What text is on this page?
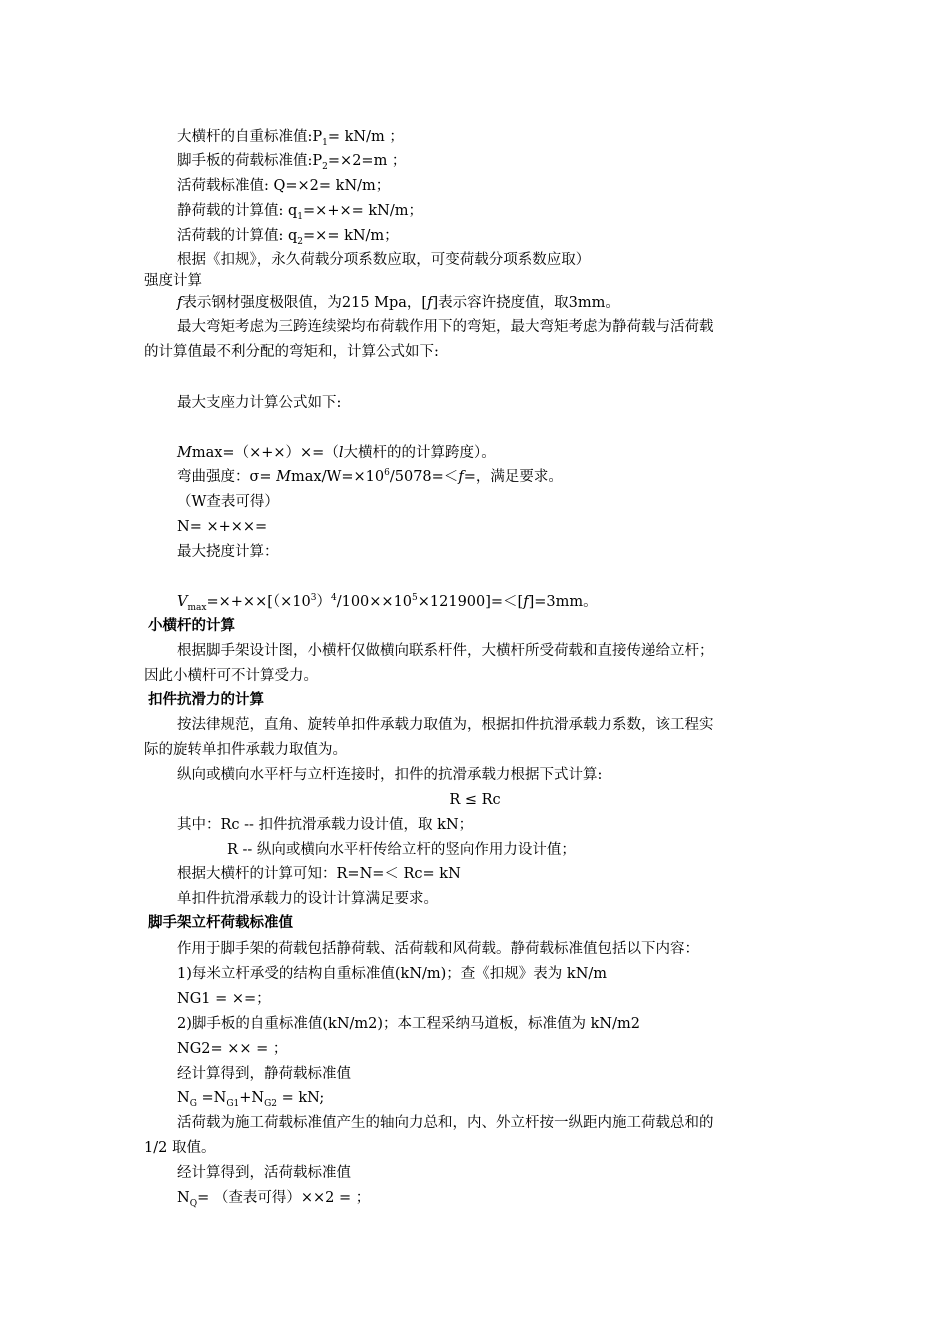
大横杆的自重标准值$:P_1= kN/m$ ；
脚手板的荷载标准值$:P_2=\times 2=m$ ；
活荷载标准值: Q=×2= kN/m；
静荷载的计算值: $q_1=\times+\times= kN/m$；
活荷载的计算值: $q_2=\times= kN/m$；
根据《扣规》，永久荷载分项系数应取，可变荷载分项系数应取）
强度计算
f表示钢材强度极限值，为215 Mpa，[f]表示容许挠度值，取3mm。
最大弯矩考虑为三跨连续梁均布荷载作用下的弯矩，最大弯矩考虑为静荷载与活荷载
的计算值最不利分配的弯矩和，计算公式如下:
最大支座力计算公式如下:
Mmax=（×+×）×=（l大横杆的的计算跨度）。
弯曲强度：σ= Mmax/$W=\times 10^6/5078=<f=$，满足要求。
（W查表可得）
N= ×+××=
最大挠度计算：
$V_{max}=\times+\times\times[(\times 10^3)^4/100\times\times 10^5\times 121900]=<[f]=3mm$。
小横杆的计算
根据脚手架设计图，小横杆仅做横向联系杆件，大横杆所受荷载和直接传递给立杆；
因此小横杆可不计算受力。
扣件抗滑力的计算
按法律规范，直角、旋转单扣件承载力取值为，根据扣件抗滑承载力系数，该工程实
际的旋转单扣件承载力取值为。
纵向或横向水平杆与立杆连接时，扣件的抗滑承载力根据下式计算:
R ≤ Rc
其中：Rc -- 扣件抗滑承载力设计值，取 kN；
R -- 纵向或横向水平杆传给立杆的竖向作用力设计值；
根据大横杆的计算可知：R=N=＜ Rc= kN
单扣件抗滑承载力的设计计算满足要求。
脚手架立杆荷载标准值
作用于脚手架的荷载包括静荷载、活荷载和风荷载。静荷载标准值包括以下内容：
1)每米立杆承受的结构自重标准值(kN/m)；查《扣规》表为 kN/m
NG1 = ×=；
2)脚手板的自重标准值(kN/m2)；本工程采纳马道板，标准值为 kN/m2
NG2= ×× = ；
经计算得到，静荷载标准值
$N_G =N_{G1}+N_{G2}$ = kN;
活荷载为施工荷载标准值产生的轴向力总和，内、外立杆按一纵距内施工荷载总和的
1/2 取值。
经计算得到，活荷载标准值
$N_Q=$ （查表可得）××2 = ；
